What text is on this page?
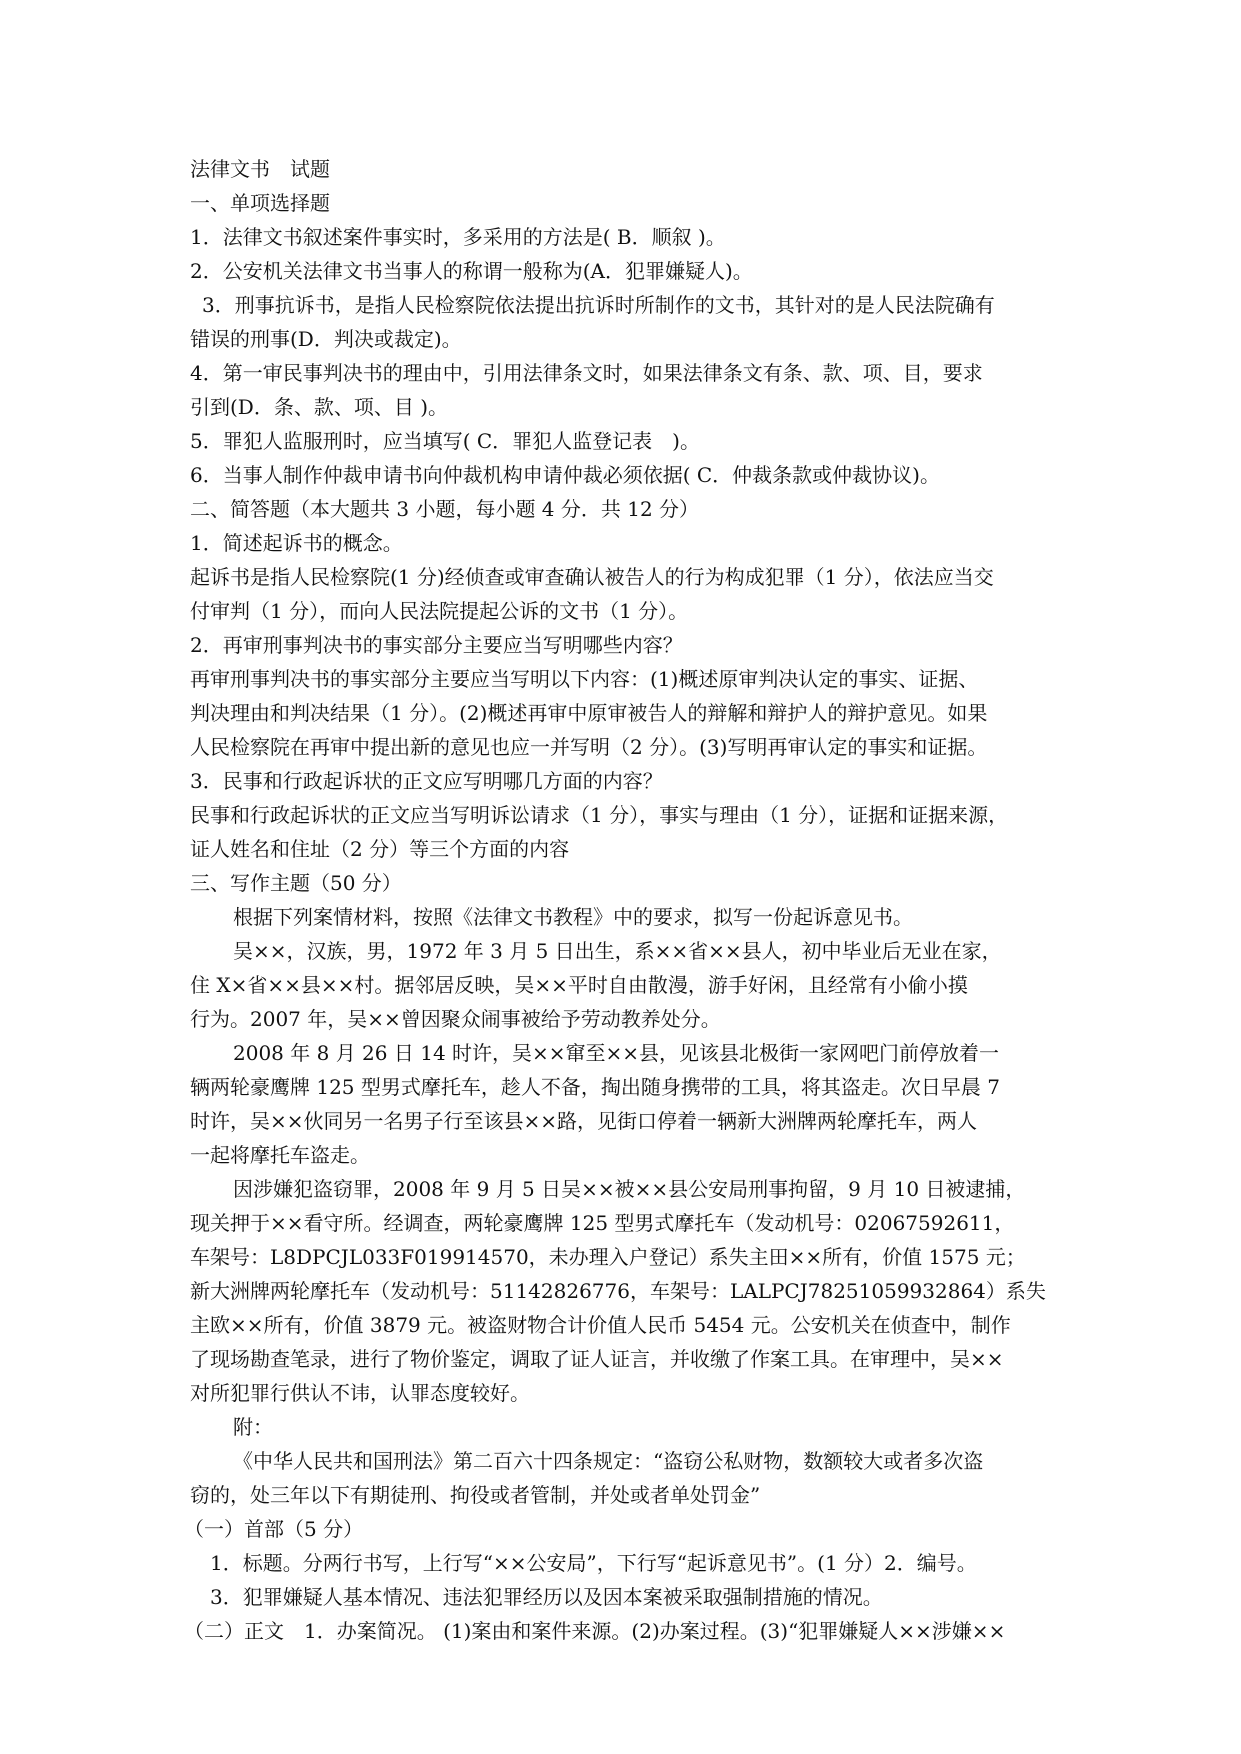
法律文书　试题
一、单项选择题
1．法律文书叙述案件事实时，多采用的方法是( B．顺叙 )。
2．公安机关法律文书当事人的称谓一般称为(A．犯罪嫌疑人)。
3．刑事抗诉书，是指人民检察院依法提出抗诉时所制作的文书，其针对的是人民法院确有
错误的刑事(D．判决或裁定)。
4．第一审民事判决书的理由中，引用法律条文时，如果法律条文有条、款、项、目，要求
引到(D．条、款、项、目 )。
5．罪犯人监服刑时，应当填写( C．罪犯人监登记表　)。
6．当事人制作仲裁申请书向仲裁机构申请仲裁必须依据( C．仲裁条款或仲裁协议)。
二、简答题（本大题共 3 小题，每小题 4 分．共 12 分）
1．简述起诉书的概念。
起诉书是指人民检察院(1 分)经侦查或审查确认被告人的行为构成犯罪（1 分），依法应当交
付审判（1 分），而向人民法院提起公诉的文书（1 分）。
2．再审刑事判决书的事实部分主要应当写明哪些内容？
再审刑事判决书的事实部分主要应当写明以下内容：(1)概述原审判决认定的事实、证据、
判决理由和判决结果（1 分）。(2)概述再审中原审被告人的辩解和辩护人的辩护意见。如果
人民检察院在再审中提出新的意见也应一并写明（2 分）。(3)写明再审认定的事实和证据。
3．民事和行政起诉状的正文应写明哪几方面的内容？
民事和行政起诉状的正文应当写明诉讼请求（1 分），事实与理由（1 分），证据和证据来源，
证人姓名和住址（2 分）等三个方面的内容
三、写作主题（50 分）
根据下列案情材料，按照《法律文书教程》中的要求，拟写一份起诉意见书。
吴××，汉族，男，1972 年 3 月 5 日出生，系××省××县人，初中毕业后无业在家，
住 X×省××县××村。据邻居反映，吴××平时自由散漫，游手好闲，且经常有小偷小摸
行为。2007 年，吴××曾因聚众闹事被给予劳动教养处分。
2008 年 8 月 26 日 14 时许，吴××窜至××县，见该县北极街一家网吧门前停放着一
辆两轮豪鹰牌 125 型男式摩托车，趁人不备，掏出随身携带的工具，将其盗走。次日早晨 7
时许，吴××伙同另一名男子行至该县××路，见街口停着一辆新大洲牌两轮摩托车，两人
一起将摩托车盗走。
因涉嫌犯盗窃罪，2008 年 9 月 5 日吴××被××县公安局刑事拘留，9 月 10 日被逮捕，
现关押于××看守所。经调查，两轮豪鹰牌 125 型男式摩托车（发动机号：02067592611，
车架号：L8DPCJL033F019914570，未办理入户登记）系失主田××所有，价值 1575 元；
新大洲牌两轮摩托车（发动机号：51142826776，车架号：LALPCJ78251059932864）系失
主欧××所有，价值 3879 元。被盗财物合计价值人民币 5454 元。公安机关在侦查中，制作
了现场勘查笔录，进行了物价鉴定，调取了证人证言，并收缴了作案工具。在审理中，吴××
对所犯罪行供认不讳，认罪态度较好。
附：
《中华人民共和国刑法》第二百六十四条规定：“盗窃公私财物，数额较大或者多次盗
窃的，处三年以下有期徒刑、拘役或者管制，并处或者单处罚金”
（一）首部（5 分）
1．标题。分两行书写，上行写“××公安局”，下行写“起诉意见书”。(1 分）2．编号。
3．犯罪嫌疑人基本情况、违法犯罪经历以及因本案被采取强制措施的情况。
（二）正文　1．办案简况。 (1)案由和案件来源。(2)办案过程。(3)“犯罪嫌疑人××涉嫌××
